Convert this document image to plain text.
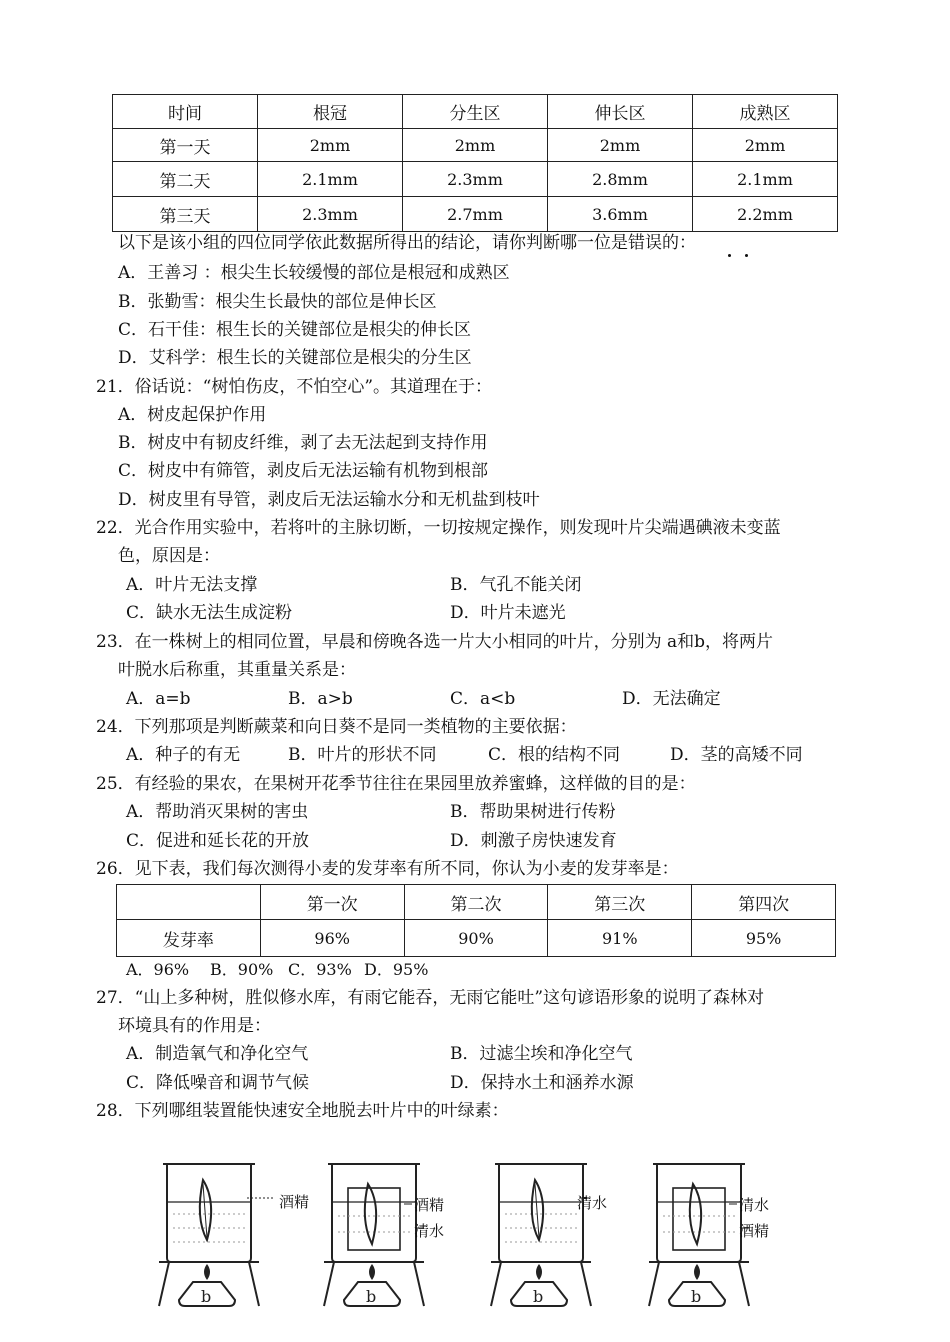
时间	根冠	分生区	伸长区	成熟区
第一天	2mm	2mm	2mm	2mm
第二天	2.1mm	2.3mm	2.8mm	2.1mm
第三天	2.3mm	2.7mm	3.6mm	2.2mm
以下是该小组的四位同学依此数据所得出的结论，请你判断哪一位是错误的：
A．王善习 ：根尖生长较缓慢的部位是根冠和成熟区
B．张勤雪：根尖生长最快的部位是伸长区
C．石干佳：根生长的关键部位是根尖的伸长区
D．艾科学：根生长的关键部位是根尖的分生区
21．俗话说：“树怕伤皮，不怕空心”。其道理在于：
A．树皮起保护作用
B．树皮中有韧皮纤维，剥了去无法起到支持作用
C．树皮中有筛管，剥皮后无法运输有机物到根部
D．树皮里有导管，剥皮后无法运输水分和无机盐到枝叶
22．光合作用实验中，若将叶的主脉切断，一切按规定操作，则发现叶片尖端遇碘液未变蓝
色，原因是：
A．叶片无法支撑	B．气孔不能关闭
C．缺水无法生成淀粉	D．叶片未遮光
23．在一株树上的相同位置，早晨和傍晚各选一片大小相同的叶片，分别为 a和b，将两片
叶脱水后称重，其重量关系是：
A．a=b	B．a>b	C．a<b	D．无法确定
24．下列那项是判断蕨菜和向日葵不是同一类植物的主要依据：
A．种子的有无	B．叶片的形状不同	C．根的结构不同	D．茎的高矮不同
25．有经验的果农，在果树开花季节往往在果园里放养蜜蜂，这样做的目的是：
A．帮助消灭果树的害虫	B．帮助果树进行传粉
C．促进和延长花的开放	D．刺激子房快速发育
26．见下表，我们每次测得小麦的发芽率有所不同，你认为小麦的发芽率是：
	第一次	第二次	第三次	第四次
发芽率	96%	90%	91%	95%
A．96% B．90% C．93% D．95%
27．“山上多种树，胜似修水库，有雨它能吞，无雨它能吐”这句谚语形象的说明了森林对
环境具有的作用是：
A．制造氧气和净化空气	B．过滤尘埃和净化空气
C．降低噪音和调节气候	D．保持水土和涵养水源
28．下列哪组装置能快速安全地脱去叶片中的叶绿素：
b
酒精
b
酒精
清水
b
清水
b
清水
酒精
